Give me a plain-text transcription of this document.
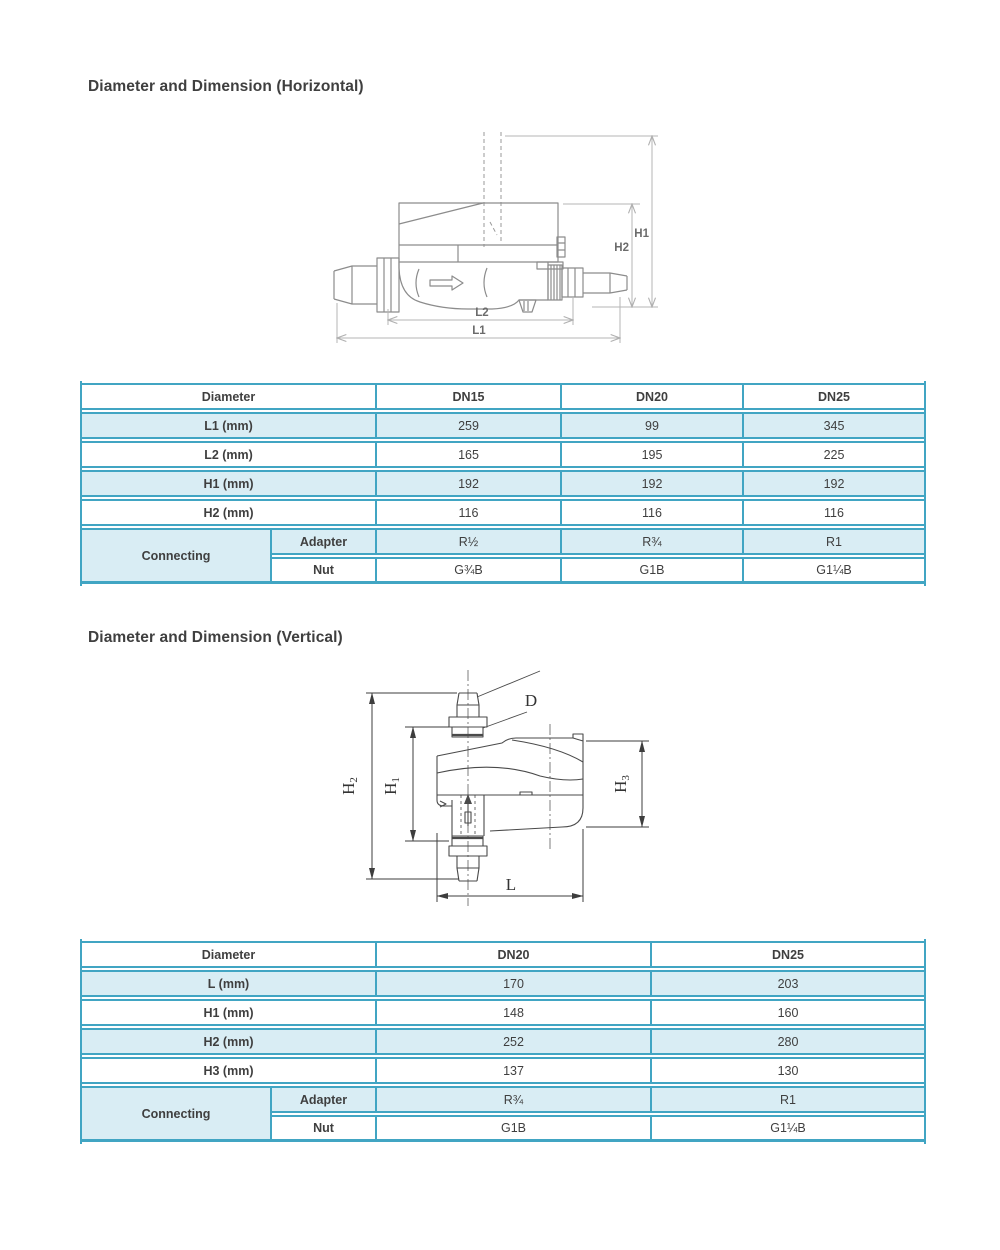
Diameter and Dimension (Horizontal)
H1
H2
L2
L1
Diameter		DN15	DN20	DN25
L1 (mm)		259	99	345
L2 (mm)		165	195	225
H1 (mm)		192	192	192
H2 (mm)		116	116	116
Connecting	Adapter	R½	R¾	R1
	Nut	G¾B	G1B	G1¼B
Diameter and Dimension (Vertical)
H2
H1
H3
D
L
Diameter		DN20	DN25
L (mm)		170	203
H1 (mm)		148	160
H2 (mm)		252	280
H3 (mm)		137	130
Connecting	Adapter	R¾	R1
	Nut	G1B	G1¼B
